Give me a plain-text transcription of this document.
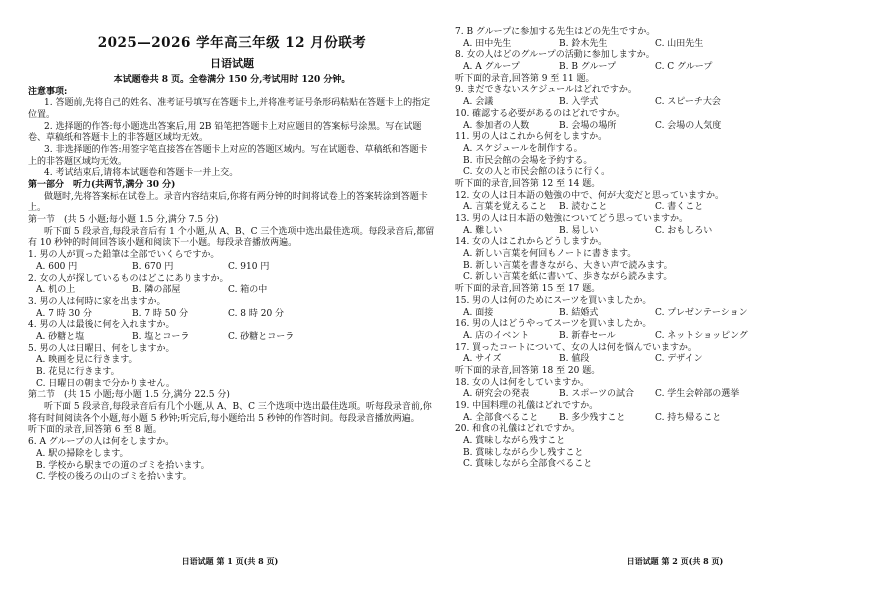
2025—2026 学年高三年级 12 月份联考
日语试题
本试题卷共 8 页。全卷满分 150 分,考试用时 120 分钟。

注意事项:

1. 答题前,先将自己的姓名、准考证号填写在答题卡上,并将准考证号条形码粘贴在答题卡上的指定位置。

2. 选择题的作答:每小题选出答案后,用 2B 铅笔把答题卡上对应题目的答案标号涂黑。写在试题卷、草稿纸和答题卡上的非答题区域均无效。

3. 非选择题的作答:用签字笔直接答在答题卡上对应的答题区域内。写在试题卷、草稿纸和答题卡上的非答题区域均无效。

4. 考试结束后,请将本试题卷和答题卡一并上交。

第一部分　听力(共两节,满分 30 分)

做题时,先将答案标在试卷上。录音内容结束后,你将有两分钟的时间将试卷上的答案转涂到答题卡上。

第一节　(共 5 小题;每小题 1.5 分,满分 7.5 分)

听下面 5 段录音,每段录音后有 1 个小题,从 A、B、C 三个选项中选出最佳选项。每段录音后,都留有 10 秒钟的时间回答该小题和阅读下一小题。每段录音播放两遍。

1. 男の人が買った鉛筆は全部でいくらですか。

A. 600 円	B. 670 円	C. 910 円

2. 女の人が探しているものはどこにありますか。

A. 机の上	B. 隣の部屋	C. 箱の中

3. 男の人は何時に家を出ますか。

A. 7 時 30 分	B. 7 時 50 分	C. 8 時 20 分

4. 男の人は最後に何を入れますか。

A. 砂糖と塩	B. 塩とコーラ	C. 砂糖とコーラ

5. 男の人は日曜日、何をしますか。

A. 映画を見に行きます。

B. 花見に行きます。

C. 日曜日の朝まで分かりません。

第二节　(共 15 小题;每小题 1.5 分,满分 22.5 分)

听下面 5 段录音,每段录音后有几个小题,从 A、B、C 三个选项中选出最佳选项。听每段录音前,你将有时间阅读各个小题,每小题 5 秒钟;听完后,每小题给出 5 秒钟的作答时间。每段录音播放两遍。

听下面的录音,回答第 6 至 8 题。

6. A グループの人は何をしますか。

A. 駅の掃除をします。

B. 学校から駅までの道のゴミを拾います。

C. 学校の後ろの山のゴミを拾います。

7. B グループに参加する先生はどの先生ですか。

A. 田中先生	B. 鈴木先生	C. 山田先生

8. 女の人はどのグループの活動に参加しますか。

A. A グループ	B. B グループ	C. C グループ

听下面的录音,回答第 9 至 11 题。

9. まだできないスケジュールはどれですか。

A. 会議	B. 入学式	C. スピーチ大会

10. 確認する必要があるのはどれですか。

A. 参加者の人数	B. 会場の場所	C. 会場の人気度

11. 男の人はこれから何をしますか。

A. スケジュールを制作する。

B. 市民会館の会場を予約する。

C. 女の人と市民会館のほうに行く。

听下面的录音,回答第 12 至 14 题。

12. 女の人は日本語の勉強の中で、何が大変だと思っていますか。

A. 言葉を覚えること	B. 読むこと	C. 書くこと

13. 男の人は日本語の勉強についてどう思っていますか。

A. 難しい	B. 易しい	C. おもしろい

14. 女の人はこれからどうしますか。

A. 新しい言葉を何回もノートに書きます。

B. 新しい言葉を書きながら、大きい声で読みます。

C. 新しい言葉を紙に書いて、歩きながら読みます。

听下面的录音,回答第 15 至 17 题。

15. 男の人は何のためにスーツを買いましたか。

A. 面接	B. 結婚式	C. プレゼンテーション

16. 男の人はどうやってスーツを買いましたか。

A. 店のイベント	B. 新春セール	C. ネットショッピング

17. 買ったコートについて、女の人は何を悩んでいますか。

A. サイズ	B. 値段	C. デザイン

听下面的录音,回答第 18 至 20 题。

18. 女の人は何をしていますか。

A. 研究会の発表	B. スポーツの試合	C. 学生会幹部の選挙

19. 中国料理の礼儀はどれですか。

A. 全部食べること	B. 多少残すこと	C. 持ち帰ること

20. 和食の礼儀はどれですか。

A. 賞味しながら残すこと

B. 賞味しながら少し残すこと

C. 賞味しながら全部食べること

日语试题 第 1 页(共 8 页)	日语试题 第 2 页(共 8 页)
